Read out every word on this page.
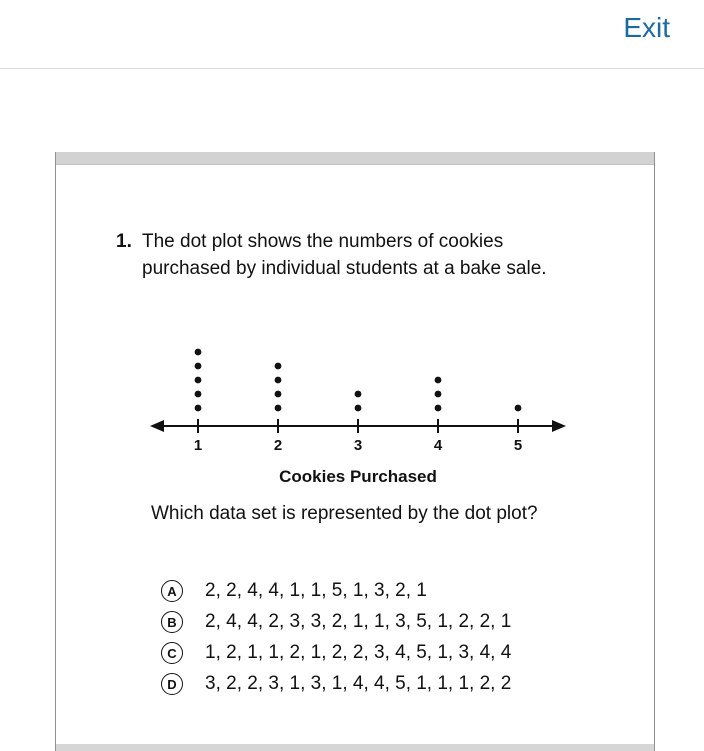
Exit
1. The dot plot shows the numbers of cookies purchased by individual students at a bake sale.
1	2	3	4	5
Cookies Purchased
Which data set is represented by the dot plot?
A 2, 2, 4, 4, 1, 1, 5, 1, 3, 2, 1
B 2, 4, 4, 2, 3, 3, 2, 1, 1, 3, 5, 1, 2, 2, 1
C 1, 2, 1, 1, 2, 1, 2, 2, 3, 4, 5, 1, 3, 4, 4
D 3, 2, 2, 3, 1, 3, 1, 4, 4, 5, 1, 1, 1, 2, 2
